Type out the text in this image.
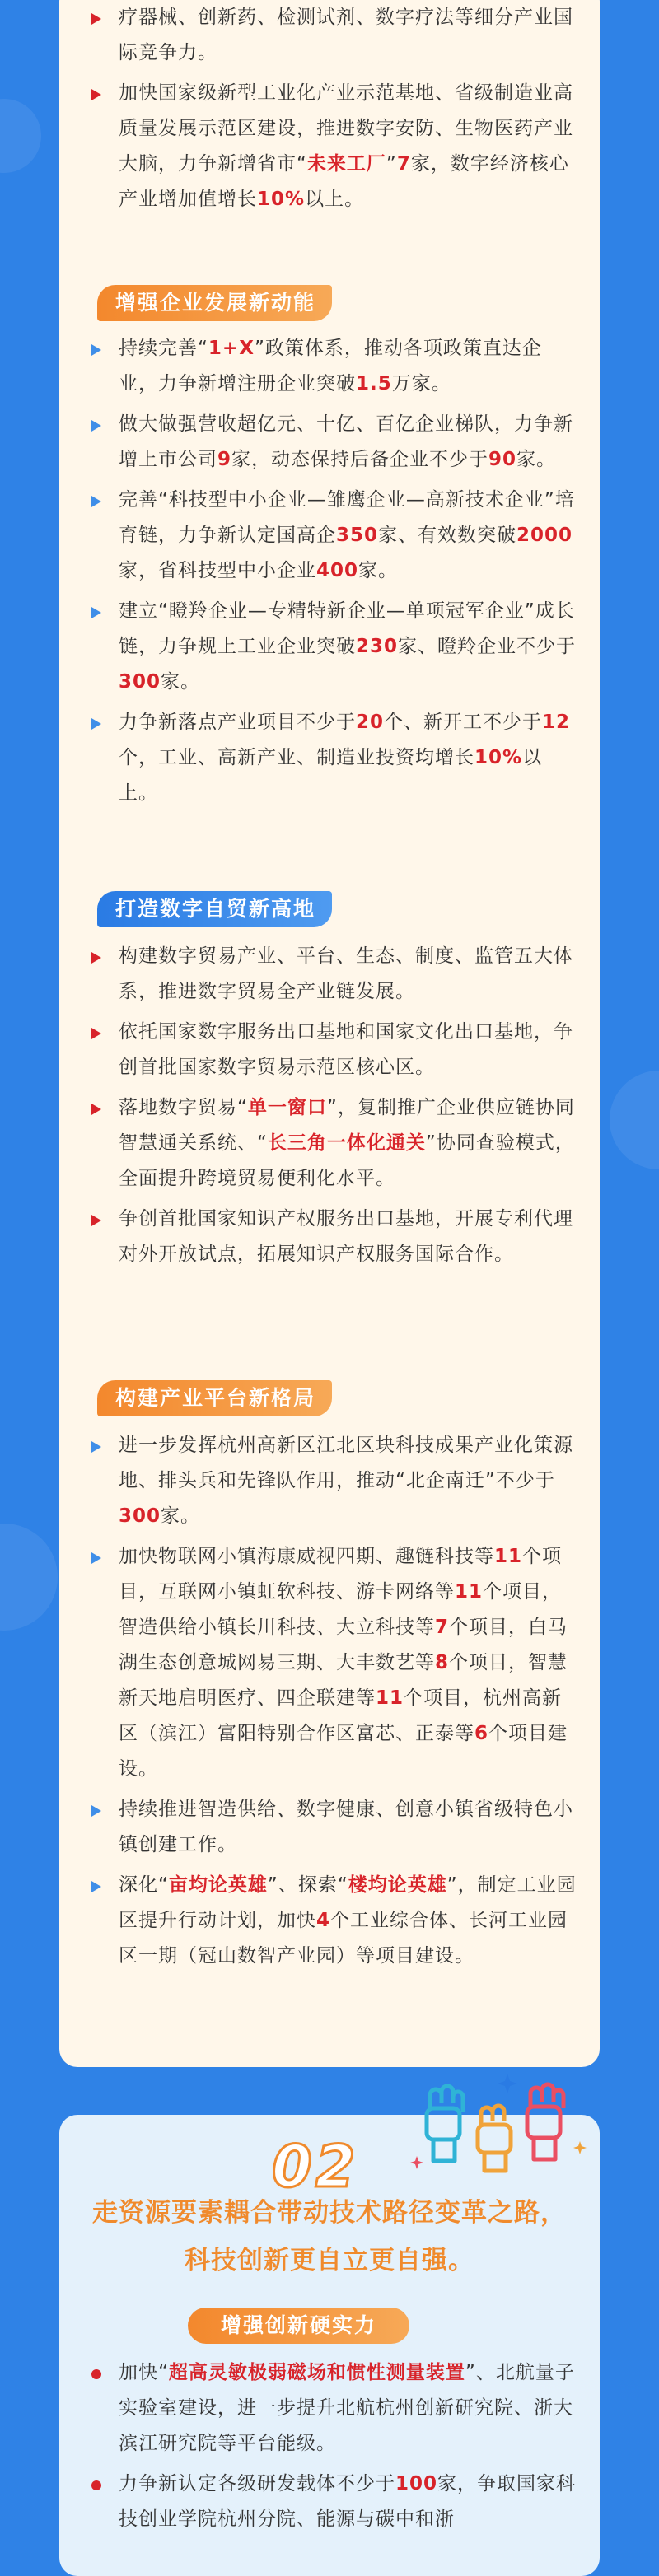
疗器械、创新药、检测试剂、数字疗法等细分产业国际竞争力。
加快国家级新型工业化产业示范基地、省级制造业高质量发展示范区建设，推进数字安防、生物医药产业大脑，力争新增省市“未来工厂”7家，数字经济核心产业增加值增长10%以上。
增强企业发展新动能
持续完善“1+X”政策体系，推动各项政策直达企业，力争新增注册企业突破1.5万家。
做大做强营收超亿元、十亿、百亿企业梯队，力争新增上市公司9家，动态保持后备企业不少于90家。
完善“科技型中小企业—雏鹰企业—高新技术企业”培育链，力争新认定国高企350家、有效数突破2000家，省科技型中小企业400家。
建立“瞪羚企业—专精特新企业—单项冠军企业”成长链，力争规上工业企业突破230家、瞪羚企业不少于300家。
力争新落点产业项目不少于20个、新开工不少于12个，工业、高新产业、制造业投资均增长10%以上。
打造数字自贸新高地
构建数字贸易产业、平台、生态、制度、监管五大体系，推进数字贸易全产业链发展。
依托国家数字服务出口基地和国家文化出口基地，争创首批国家数字贸易示范区核心区。
落地数字贸易“单一窗口”，复制推广企业供应链协同智慧通关系统、“长三角一体化通关”协同查验模式，全面提升跨境贸易便利化水平。
争创首批国家知识产权服务出口基地，开展专利代理对外开放试点，拓展知识产权服务国际合作。
构建产业平台新格局
进一步发挥杭州高新区江北区块科技成果产业化策源地、排头兵和先锋队作用，推动“北企南迁”不少于300家。
加快物联网小镇海康威视四期、趣链科技等11个项目，互联网小镇虹软科技、游卡网络等11个项目，智造供给小镇长川科技、大立科技等7个项目，白马湖生态创意城网易三期、大丰数艺等8个项目，智慧新天地启明医疗、四企联建等11个项目，杭州高新区（滨江）富阳特别合作区富芯、正泰等6个项目建设。
持续推进智造供给、数字健康、创意小镇省级特色小镇创建工作。
深化“亩均论英雄”、探索“楼均论英雄”，制定工业园区提升行动计划，加快4个工业综合体、长河工业园区一期（冠山数智产业园）等项目建设。
02
走资源要素耦合带动技术路径变革之路，
科技创新更自立更自强。
增强创新硬实力
加快“超高灵敏极弱磁场和惯性测量装置”、北航量子实验室建设，进一步提升北航杭州创新研究院、浙大滨江研究院等平台能级。
力争新认定各级研发载体不少于100家，争取国家科技创业学院杭州分院、能源与碳中和浙
